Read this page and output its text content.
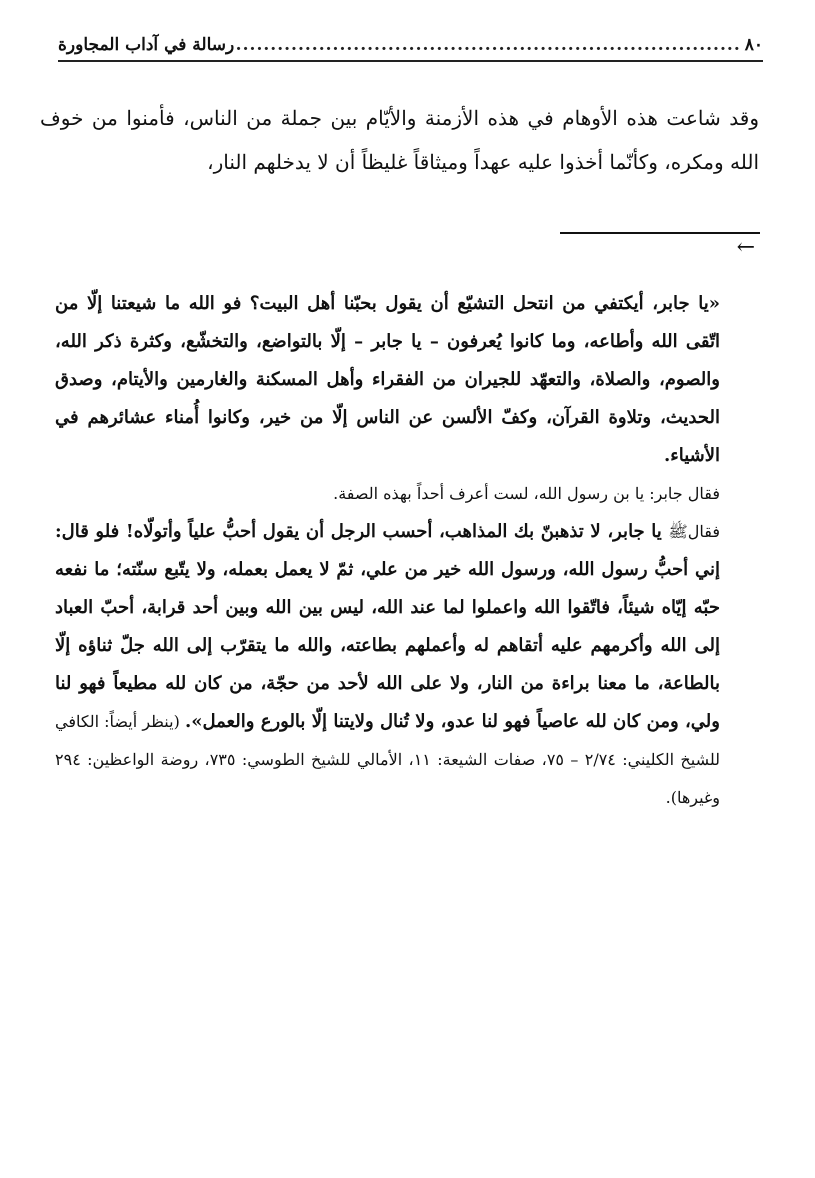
٨٠
.....
رسالة في آداب المجاورة

وقد شاعت هذه الأوهام في هذه الأزمنة والأيّام بين جملة من الناس، فأمنوا من خوف الله ومكره، وكأنّما أخذوا عليه عهداً وميثاقاً غليظاً أن لا يدخلهم النار،

←

«يا جابر، أيكتفي من انتحل التشيّع أن يقول بحبّنا أهل البيت؟ فو الله ما شيعتنا إلّا من اتّقى الله وأطاعه، وما كانوا يُعرفون – يا جابر – إلّا بالتواضع، والتخشّع، وكثرة ذكر الله، والصوم، والصلاة، والتعهّد للجيران من الفقراء وأهل المسكنة والغارمين والأيتام، وصدق الحديث، وتلاوة القرآن، وكفّ الألسن عن الناس إلّا من خير، وكانوا أُمناء عشائرهم في الأشياء.

فقال جابر: يا بن رسول الله، لست أعرف أحداً بهذه الصفة.

فقالﷺ يا جابر، لا تذهبنّ بك المذاهب، أحسب الرجل أن يقول أحبُّ علياً وأتولّاه! فلو قال: إني أحبُّ رسول الله، ورسول الله خير من علي، ثمّ لا يعمل بعمله، ولا يتّبع سنّته؛ ما نفعه حبّه إيّاه شيئاً، فاتّقوا الله واعملوا لما عند الله، ليس بين الله وبين أحد قرابة، أحبّ العباد إلى الله وأكرمهم عليه أتقاهم له وأعملهم بطاعته، والله ما يتقرّب إلى الله جلّ ثناؤه إلّا بالطاعة، ما معنا براءة من النار، ولا على الله لأحد من حجّة، من كان لله مطيعاً فهو لنا ولي، ومن كان لله عاصياً فهو لنا عدو، ولا تُنال ولايتنا إلّا بالورع والعمل». (ينظر أيضاً: الكافي للشيخ الكليني: ٢/٧٤ – ٧٥، صفات الشيعة: ١١، الأمالي للشيخ الطوسي: ٧٣٥، روضة الواعظين: ٢٩٤ وغيرها).
